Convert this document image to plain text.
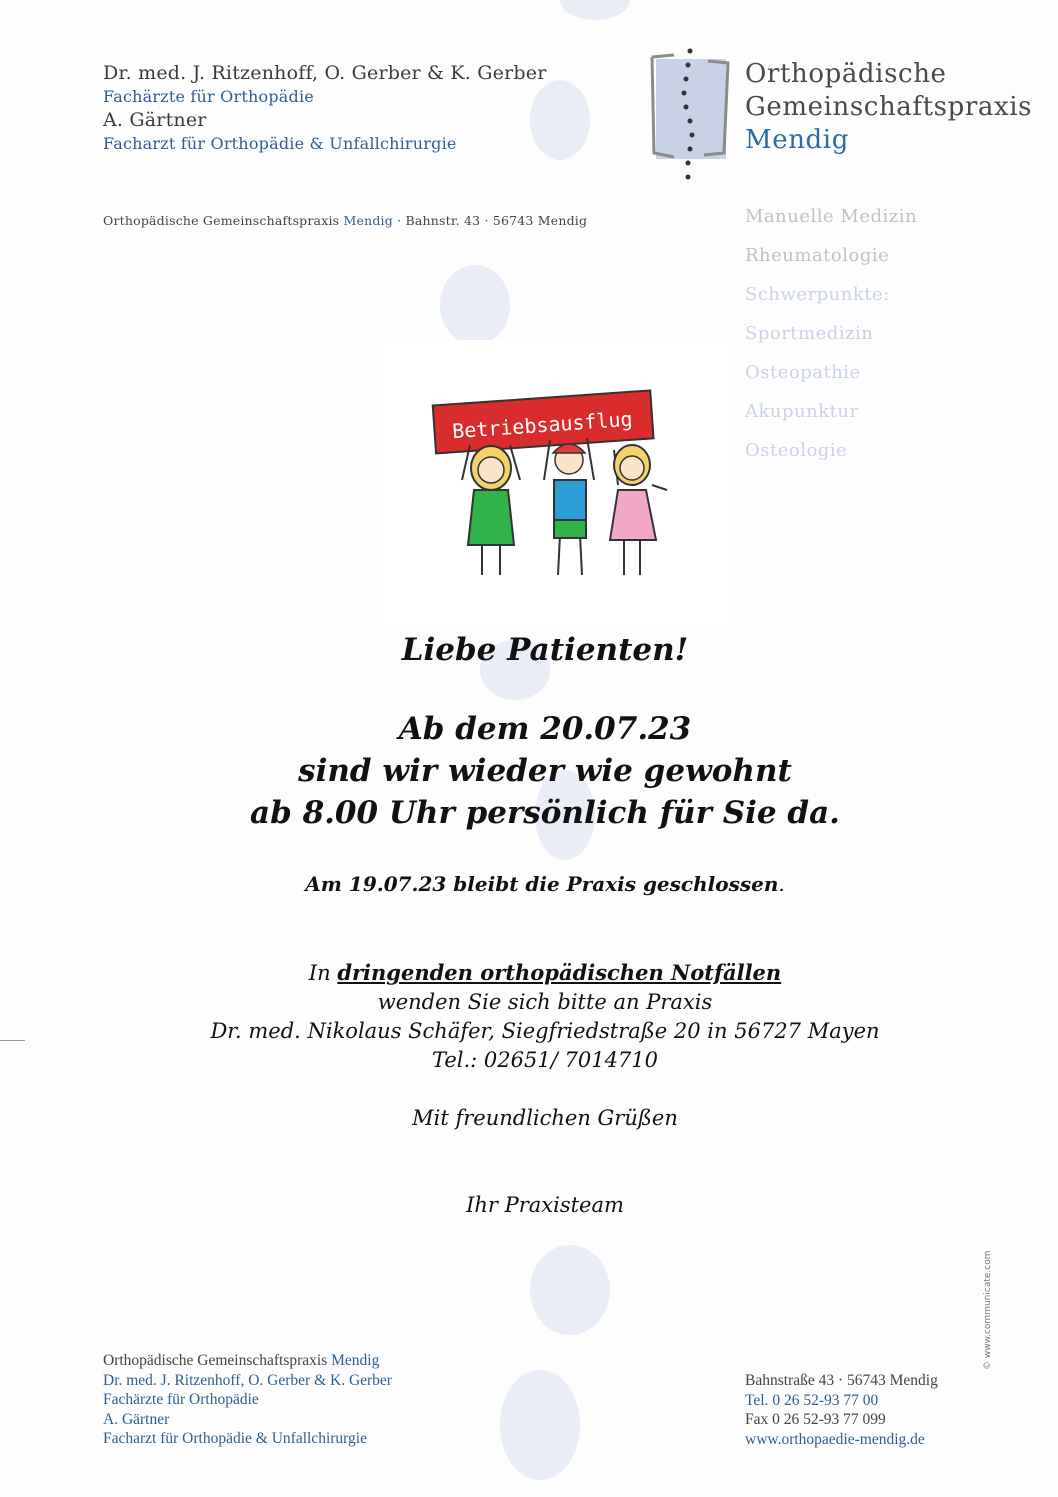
Dr. med. J. Ritzenhoff, O. Gerber & K. Gerber
Fachärzte für Orthopädie
A. Gärtner
Facharzt für Orthopädie & Unfallchirurgie
Orthopädische Gemeinschaftspraxis Mendig · Bahnstr. 43 · 56743 Mendig
Orthopädische
Gemeinschaftspraxis
Mendig
Manuelle Medizin
Rheumatologie
Schwerpunkte:
Sportmedizin
Osteopathie
Akupunktur
Osteologie
Betriebsausflug
Liebe Patienten!
Ab dem 20.07.23
sind wir wieder wie gewohnt
ab 8.00 Uhr persönlich für Sie da.
Am 19.07.23 bleibt die Praxis geschlossen.
In dringenden orthopädischen Notfällen
wenden Sie sich bitte an Praxis
Dr. med. Nikolaus Schäfer, Siegfriedstraße 20 in 56727 Mayen
Tel.: 02651/ 7014710
Mit freundlichen Grüßen
Ihr Praxisteam
Orthopädische Gemeinschaftspraxis Mendig
Dr. med. J. Ritzenhoff, O. Gerber & K. Gerber
Fachärzte für Orthopädie
A. Gärtner
Facharzt für Orthopädie & Unfallchirurgie
Bahnstraße 43 · 56743 Mendig
Tel. 0 26 52-93 77 00
Fax 0 26 52-93 77 099
www.orthopaedie-mendig.de
© www.communicate.com
